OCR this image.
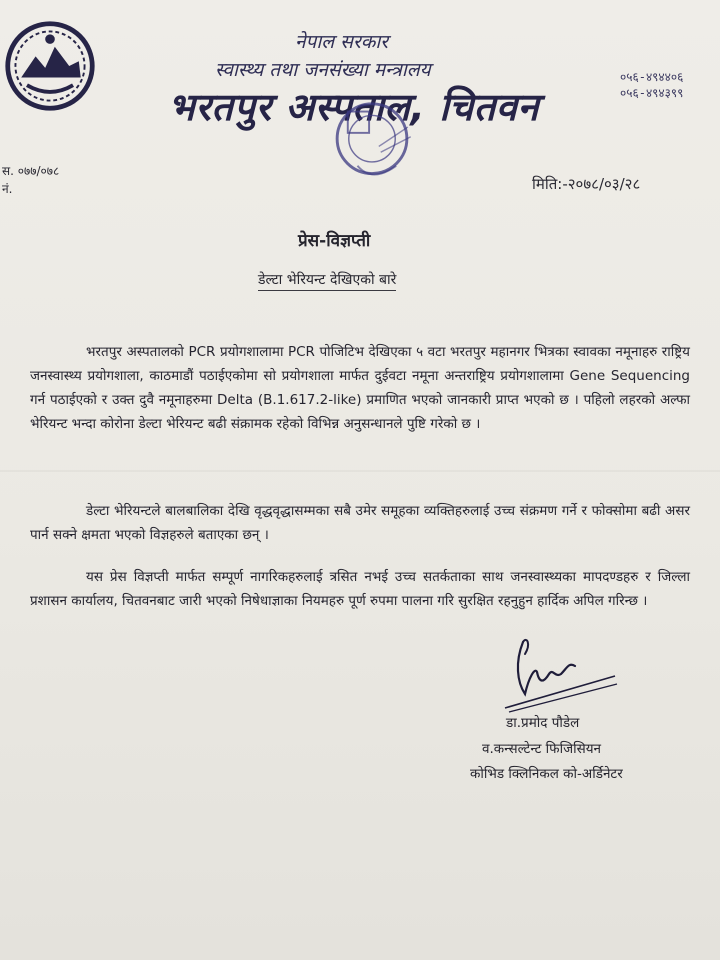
नेपाल सरकार
स्वास्थ्य तथा जनसंख्या मन्त्रालय
भरतपुर अस्पताल, चितवन
०५६-४९४४०६
०५६-४९४३९९
स. ०७७/०७८
नं.	मिति:-२०७८/०३/२८
प्रेस-विज्ञप्ती
डेल्टा भेरियन्ट देखिएको बारे
भरतपुर अस्पतालको PCR प्रयोगशालामा PCR पोजिटिभ देखिएका ५ वटा भरतपुर महानगर भित्रका स्वावका नमूनाहरु राष्ट्रिय जनस्वास्थ्य प्रयोगशाला, काठमाडौं पठाईएकोमा सो प्रयोगशाला मार्फत दुईवटा नमूना अन्तराष्ट्रिय प्रयोगशालामा Gene Sequencing गर्न पठाईएको र उक्त दुवै नमूनाहरुमा Delta (B.1.617.2-like) प्रमाणित भएको जानकारी प्राप्त भएको छ । पहिलो लहरको अल्फा भेरियन्ट भन्दा कोरोना डेल्टा भेरियन्ट बढी संक्रामक रहेको विभिन्न अनुसन्धानले पुष्टि गरेको छ ।
डेल्टा भेरियन्टले बालबालिका देखि वृद्धवृद्धासम्मका सबै उमेर समूहका व्यक्तिहरुलाई उच्च संक्रमण गर्ने र फोक्सोमा बढी असर पार्न सक्ने क्षमता भएको विज्ञहरुले बताएका छन् ।
यस प्रेस विज्ञप्ती मार्फत सम्पूर्ण नागरिकहरुलाई त्रसित नभई उच्च सतर्कताका साथ जनस्वास्थ्यका मापदण्डहरु र जिल्ला प्रशासन कार्यालय, चितवनबाट जारी भएको निषेधाज्ञाका नियमहरु पूर्ण रुपमा पालना गरि सुरक्षित रहनुहुन हार्दिक अपिल गरिन्छ ।
डा.प्रमोद पौडेल
व.कन्सल्टेन्ट फिजिसियन
कोभिड क्लिनिकल को-अर्डिनेटर
